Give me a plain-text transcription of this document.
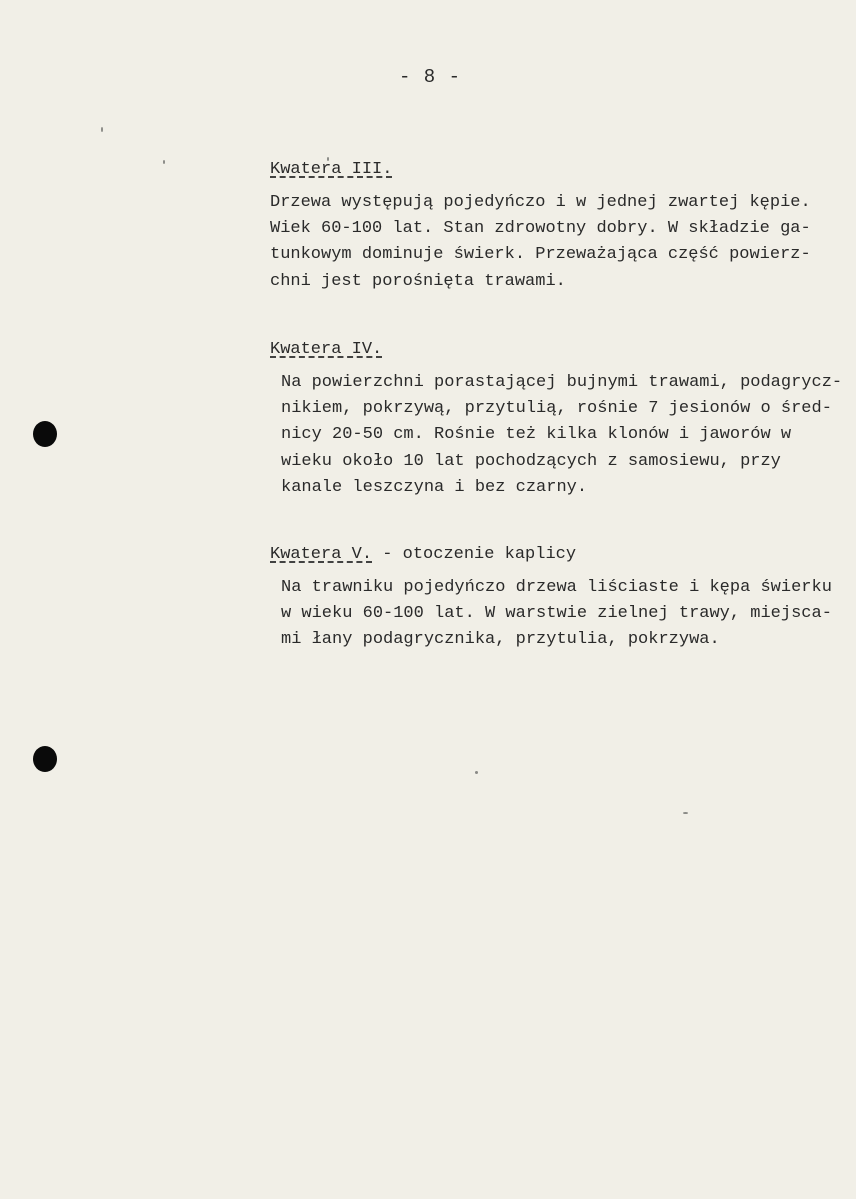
- 8 -
Kwatera III.
Drzewa występują pojedyńczo i w jednej zwartej kępie.
Wiek 60-100 lat. Stan zdrowotny dobry. W składzie ga-
tunkowym dominuje świerk. Przeważająca część powierz-
chni jest porośnięta trawami.
Kwatera IV.
Na powierzchni porastającej bujnymi trawami, podagrycz-
nikiem, pokrzywą, przytulią, rośnie 7 jesionów o śred-
nicy 20-50 cm. Rośnie też kilka klonów i jaworów w
wieku około 10 lat pochodzących z samosiewu, przy
kanale leszczyna i bez czarny.
Kwatera V. - otoczenie kaplicy
Na trawniku pojedyńczo drzewa liściaste i kępa świerku
w wieku 60-100 lat. W warstwie zielnej trawy, miejsca-
mi łany podagrycznika, przytulia, pokrzywa.
